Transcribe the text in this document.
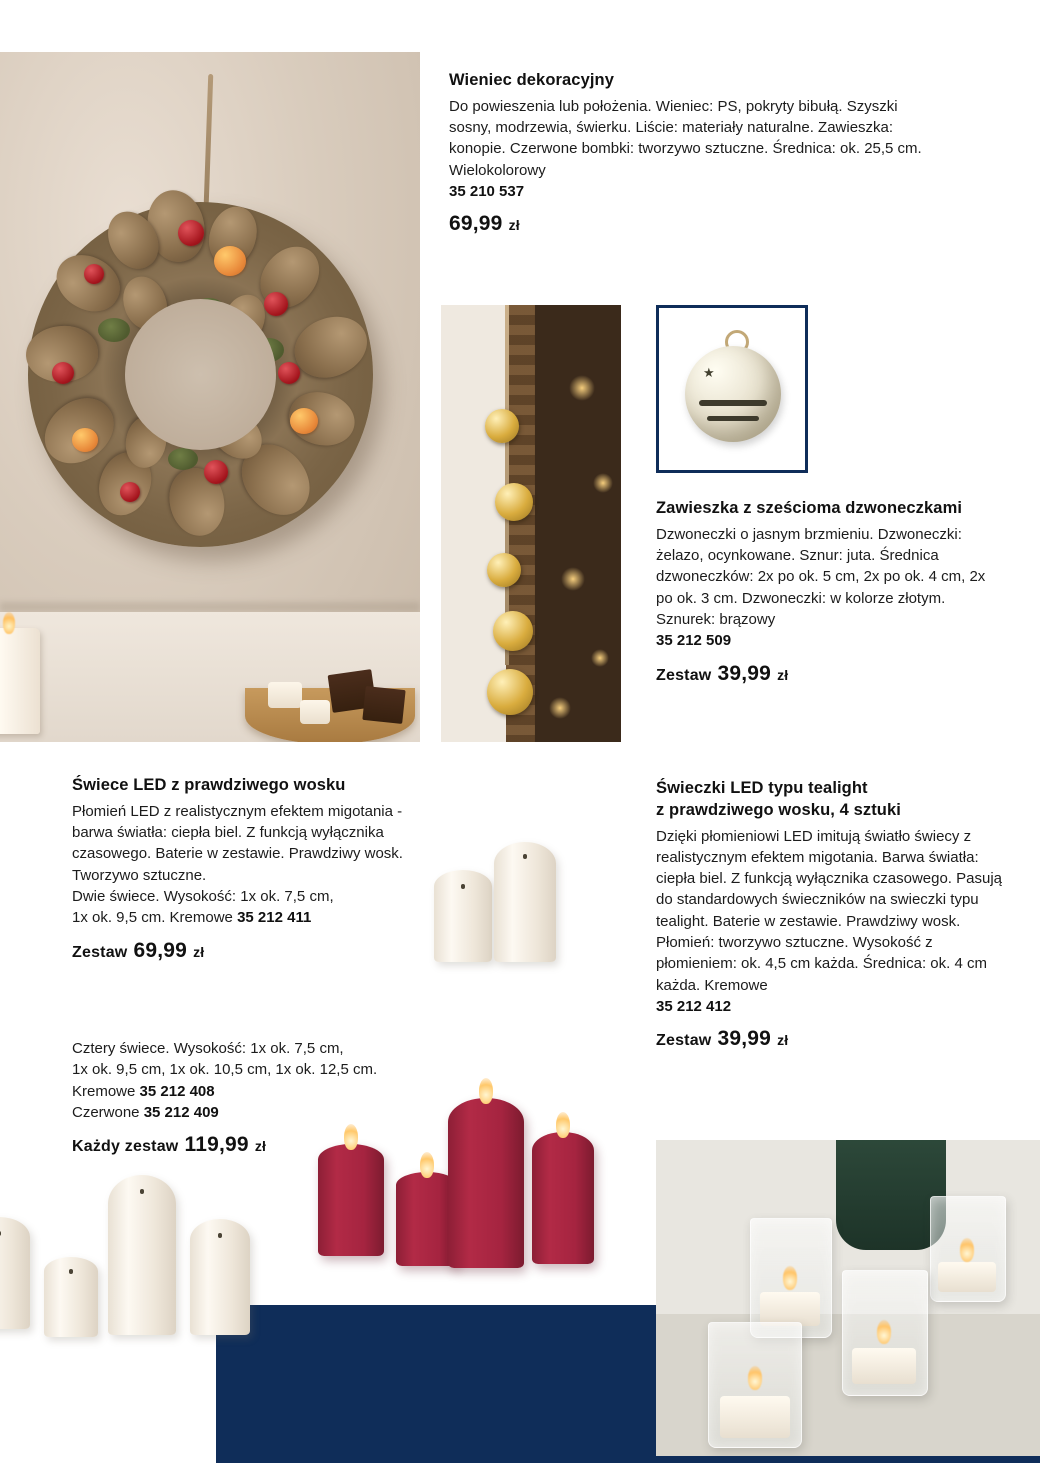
Wieniec dekoracyjny

Do powieszenia lub położenia. Wieniec: PS, pokryty bibułą. Szyszki sosny, modrzewia, świerku. Liście: materiały naturalne. Zawieszka: konopie. Czerwone bombki: tworzywo sztuczne. Średnica: ok. 25,5 cm. Wielokolorowy

35 210 537
69,99 zł
★
Zawieszka z sześcioma dzwoneczkami

Dzwoneczki o jasnym brzmieniu. Dzwoneczki: żelazo, ocynkowane. Sznur: juta. Średnica dzwoneczków: 2x po ok. 5 cm, 2x po ok. 4 cm, 2x po ok. 3 cm. Dzwoneczki: w kolorze złotym. Sznurek: brązowy

35 212 509
Zestaw 39,99 zł
Świece LED z prawdziwego wosku

Płomień LED z realistycznym efektem migotania - barwa światła: ciepła biel. Z funkcją wyłącznika czasowego. Baterie w zestawie. Prawdziwy wosk. Tworzywo sztuczne.

Dwie świece. Wysokość: 1x ok. 7,5 cm,
1x ok. 9,5 cm. Kremowe 35 212 411
Zestaw 69,99 zł
Cztery świece. Wysokość: 1x ok. 7,5 cm,
1x ok. 9,5 cm, 1x ok. 10,5 cm, 1x ok. 12,5 cm.
Kremowe 35 212 408
Czerwone 35 212 409
Każdy zestaw 119,99 zł
Świeczki LED typu tealight
z prawdziwego wosku, 4 sztuki

Dzięki płomieniowi LED imitują światło świecy z realistycznym efektem migotania. Barwa światła: ciepła biel. Z funkcją wyłącznika czasowego. Pasują do standardowych świeczników na swieczki typu tealight. Baterie w zestawie. Prawdziwy wosk. Płomień: tworzywo sztuczne. Wysokość z płomieniem: ok. 4,5 cm każda. Średnica: ok. 4 cm każda. Kremowe

35 212 412
Zestaw 39,99 zł
